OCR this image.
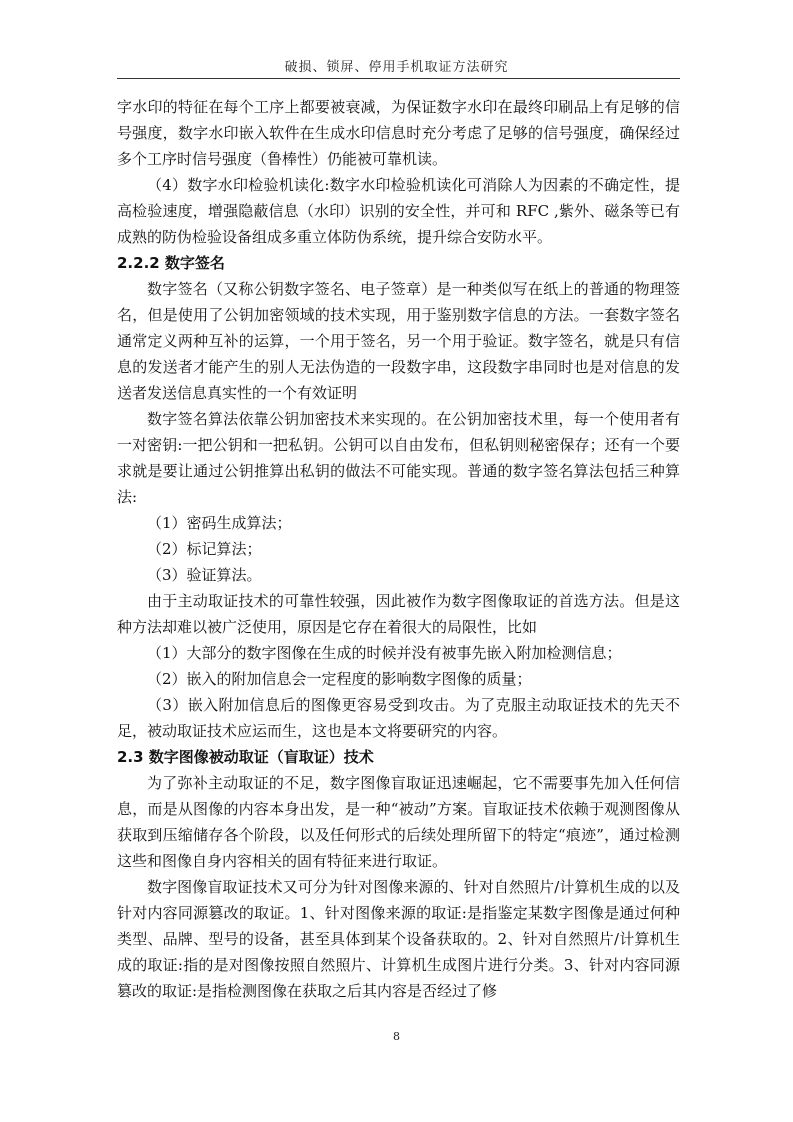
破损、锁屏、停用手机取证方法研究

字水印的特征在每个工序上都要被衰减，为保证数字水印在最终印刷品上有足够的信号强度，数字水印嵌入软件在生成水印信息时充分考虑了足够的信号强度，确保经过多个工序时信号强度（鲁棒性）仍能被可靠机读。

（4）数字水印检验机读化:数字水印检验机读化可消除人为因素的不确定性，提高检验速度，增强隐蔽信息（水印）识别的安全性，并可和 RFC ,紫外、磁条等已有成熟的防伪检验设备组成多重立体防伪系统，提升综合安防水平。

2.2.2 数字签名

数字签名（又称公钥数字签名、电子签章）是一种类似写在纸上的普通的物理签名，但是使用了公钥加密领域的技术实现，用于鉴别数字信息的方法。一套数字签名通常定义两种互补的运算，一个用于签名，另一个用于验证。数字签名，就是只有信息的发送者才能产生的别人无法伪造的一段数字串，这段数字串同时也是对信息的发送者发送信息真实性的一个有效证明

数字签名算法依靠公钥加密技术来实现的。在公钥加密技术里，每一个使用者有一对密钥:一把公钥和一把私钥。公钥可以自由发布，但私钥则秘密保存；还有一个要求就是要让通过公钥推算出私钥的做法不可能实现。普通的数字签名算法包括三种算法:

（1）密码生成算法；

（2）标记算法；

（3）验证算法。

由于主动取证技术的可靠性较强，因此被作为数字图像取证的首选方法。但是这种方法却难以被广泛使用，原因是它存在着很大的局限性，比如

（1）大部分的数字图像在生成的时候并没有被事先嵌入附加检测信息；

（2）嵌入的附加信息会一定程度的影响数字图像的质量；

（3）嵌入附加信息后的图像更容易受到攻击。为了克服主动取证技术的先天不足，被动取证技术应运而生，这也是本文将要研究的内容。

2.3 数字图像被动取证（盲取证）技术

为了弥补主动取证的不足，数字图像盲取证迅速崛起，它不需要事先加入任何信息，而是从图像的内容本身出发，是一种“被动”方案。盲取证技术依赖于观测图像从获取到压缩储存各个阶段，以及任何形式的后续处理所留下的特定“痕迹”，通过检测这些和图像自身内容相关的固有特征来进行取证。

数字图像盲取证技术又可分为针对图像来源的、针对自然照片/计算机生成的以及针对内容同源篡改的取证。1、针对图像来源的取证:是指鉴定某数字图像是通过何种类型、品牌、型号的设备，甚至具体到某个设备获取的。2、针对自然照片/计算机生成的取证:指的是对图像按照自然照片、计算机生成图片进行分类。3、针对内容同源篡改的取证:是指检测图像在获取之后其内容是否经过了修

8
